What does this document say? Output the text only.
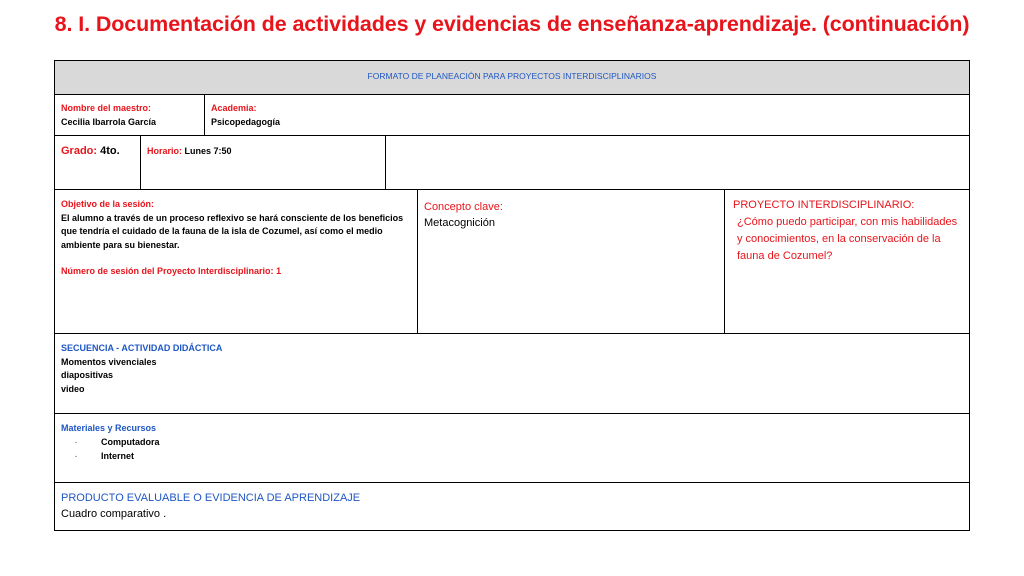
8. I. Documentación de actividades y evidencias de enseñanza-aprendizaje. (continuación)
FORMATO DE PLANEACIÓN PARA PROYECTOS INTERDISCIPLINARIOS
Nombre del maestro:
Cecilia Ibarrola García
Academia:
Psicopedagogía
Grado: 4to.	Horario: Lunes 7:50
Objetivo de la sesión:
El alumno a través de un proceso reflexivo se hará consciente de los beneficios que tendría el cuidado de la fauna de la isla de Cozumel, así como el medio ambiente para su bienestar.
Número de sesión del Proyecto Interdisciplinario: 1
Concepto clave:
Metacognición
PROYECTO INTERDISCIPLINARIO:
¿Cómo puedo participar, con mis habilidades y conocimientos, en la conservación de la fauna de Cozumel?
SECUENCIA - ACTIVIDAD DIDÁCTICA
Momentos vivenciales
diapositivas
video
Materiales y Recursos
·	Computadora
·	Internet
PRODUCTO EVALUABLE O EVIDENCIA DE APRENDIZAJE
Cuadro comparativo .
